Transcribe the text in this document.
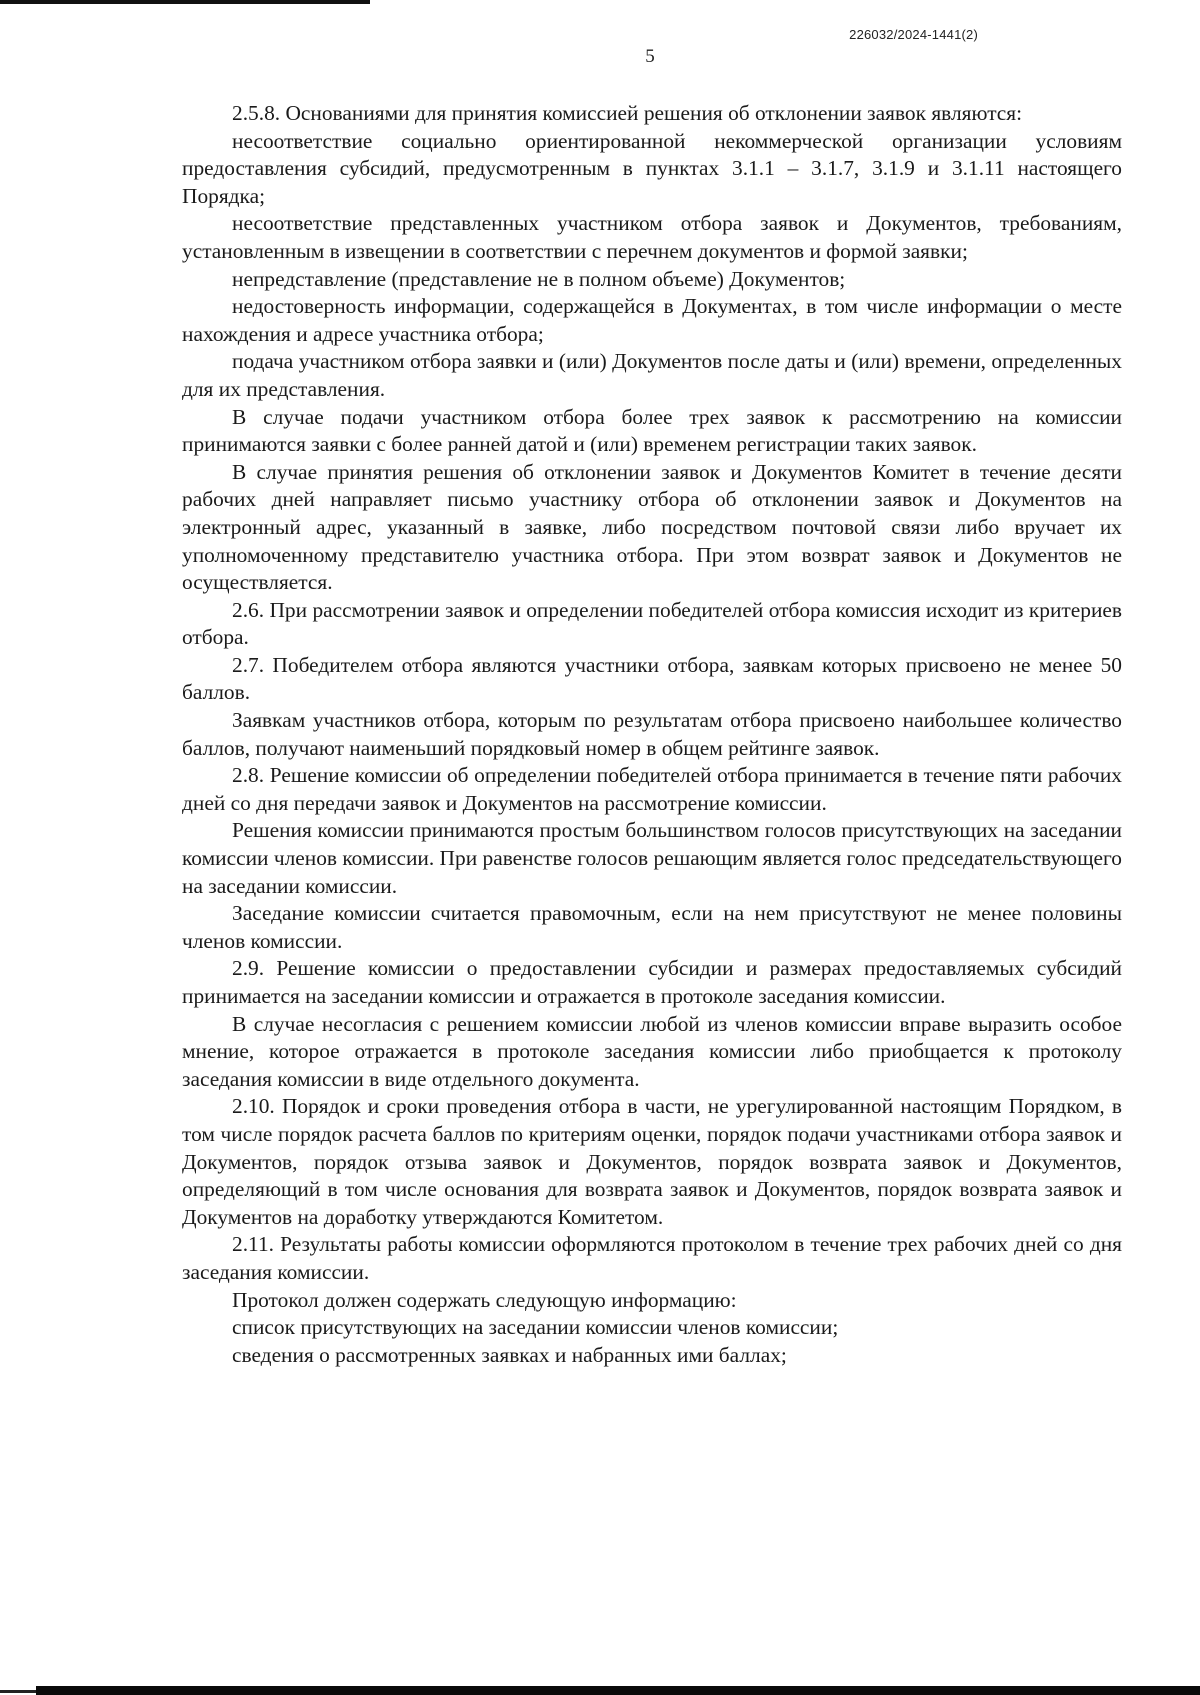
226032/2024-1441(2)
5

2.5.8. Основаниями для принятия комиссией решения об отклонении заявок являются:

несоответствие социально ориентированной некоммерческой организации условиям предоставления субсидий, предусмотренным в пунктах 3.1.1 – 3.1.7, 3.1.9 и 3.1.11 настоящего Порядка;

несоответствие представленных участником отбора заявок и Документов, требованиям, установленным в извещении в соответствии с перечнем документов и формой заявки;

непредставление (представление не в полном объеме) Документов;

недостоверность информации, содержащейся в Документах, в том числе информации о месте нахождения и адресе участника отбора;

подача участником отбора заявки и (или) Документов после даты и (или) времени, определенных для их представления.

В случае подачи участником отбора более трех заявок к рассмотрению на комиссии принимаются заявки с более ранней датой и (или) временем регистрации таких заявок.

В случае принятия решения об отклонении заявок и Документов Комитет в течение десяти рабочих дней направляет письмо участнику отбора об отклонении заявок и Документов на электронный адрес, указанный в заявке, либо посредством почтовой связи либо вручает их уполномоченному представителю участника отбора. При этом возврат заявок и Документов не осуществляется.

2.6. При рассмотрении заявок и определении победителей отбора комиссия исходит из критериев отбора.

2.7. Победителем отбора являются участники отбора, заявкам которых присвоено не менее 50 баллов.

Заявкам участников отбора, которым по результатам отбора присвоено наибольшее количество баллов, получают наименьший порядковый номер в общем рейтинге заявок.

2.8. Решение комиссии об определении победителей отбора принимается в течение пяти рабочих дней со дня передачи заявок и Документов на рассмотрение комиссии.

Решения комиссии принимаются простым большинством голосов присутствующих на заседании комиссии членов комиссии. При равенстве голосов решающим является голос председательствующего на заседании комиссии.

Заседание комиссии считается правомочным, если на нем присутствуют не менее половины членов комиссии.

2.9. Решение комиссии о предоставлении субсидии и размерах предоставляемых субсидий принимается на заседании комиссии и отражается в протоколе заседания комиссии.

В случае несогласия с решением комиссии любой из членов комиссии вправе выразить особое мнение, которое отражается в протоколе заседания комиссии либо приобщается к протоколу заседания комиссии в виде отдельного документа.

2.10. Порядок и сроки проведения отбора в части, не урегулированной настоящим Порядком, в том числе порядок расчета баллов по критериям оценки, порядок подачи участниками отбора заявок и Документов, порядок отзыва заявок и Документов, порядок возврата заявок и Документов, определяющий в том числе основания для возврата заявок и Документов, порядок возврата заявок и Документов на доработку утверждаются Комитетом.

2.11. Результаты работы комиссии оформляются протоколом в течение трех рабочих дней со дня заседания комиссии.

Протокол должен содержать следующую информацию:

список присутствующих на заседании комиссии членов комиссии;

сведения о рассмотренных заявках и набранных ими баллах;
